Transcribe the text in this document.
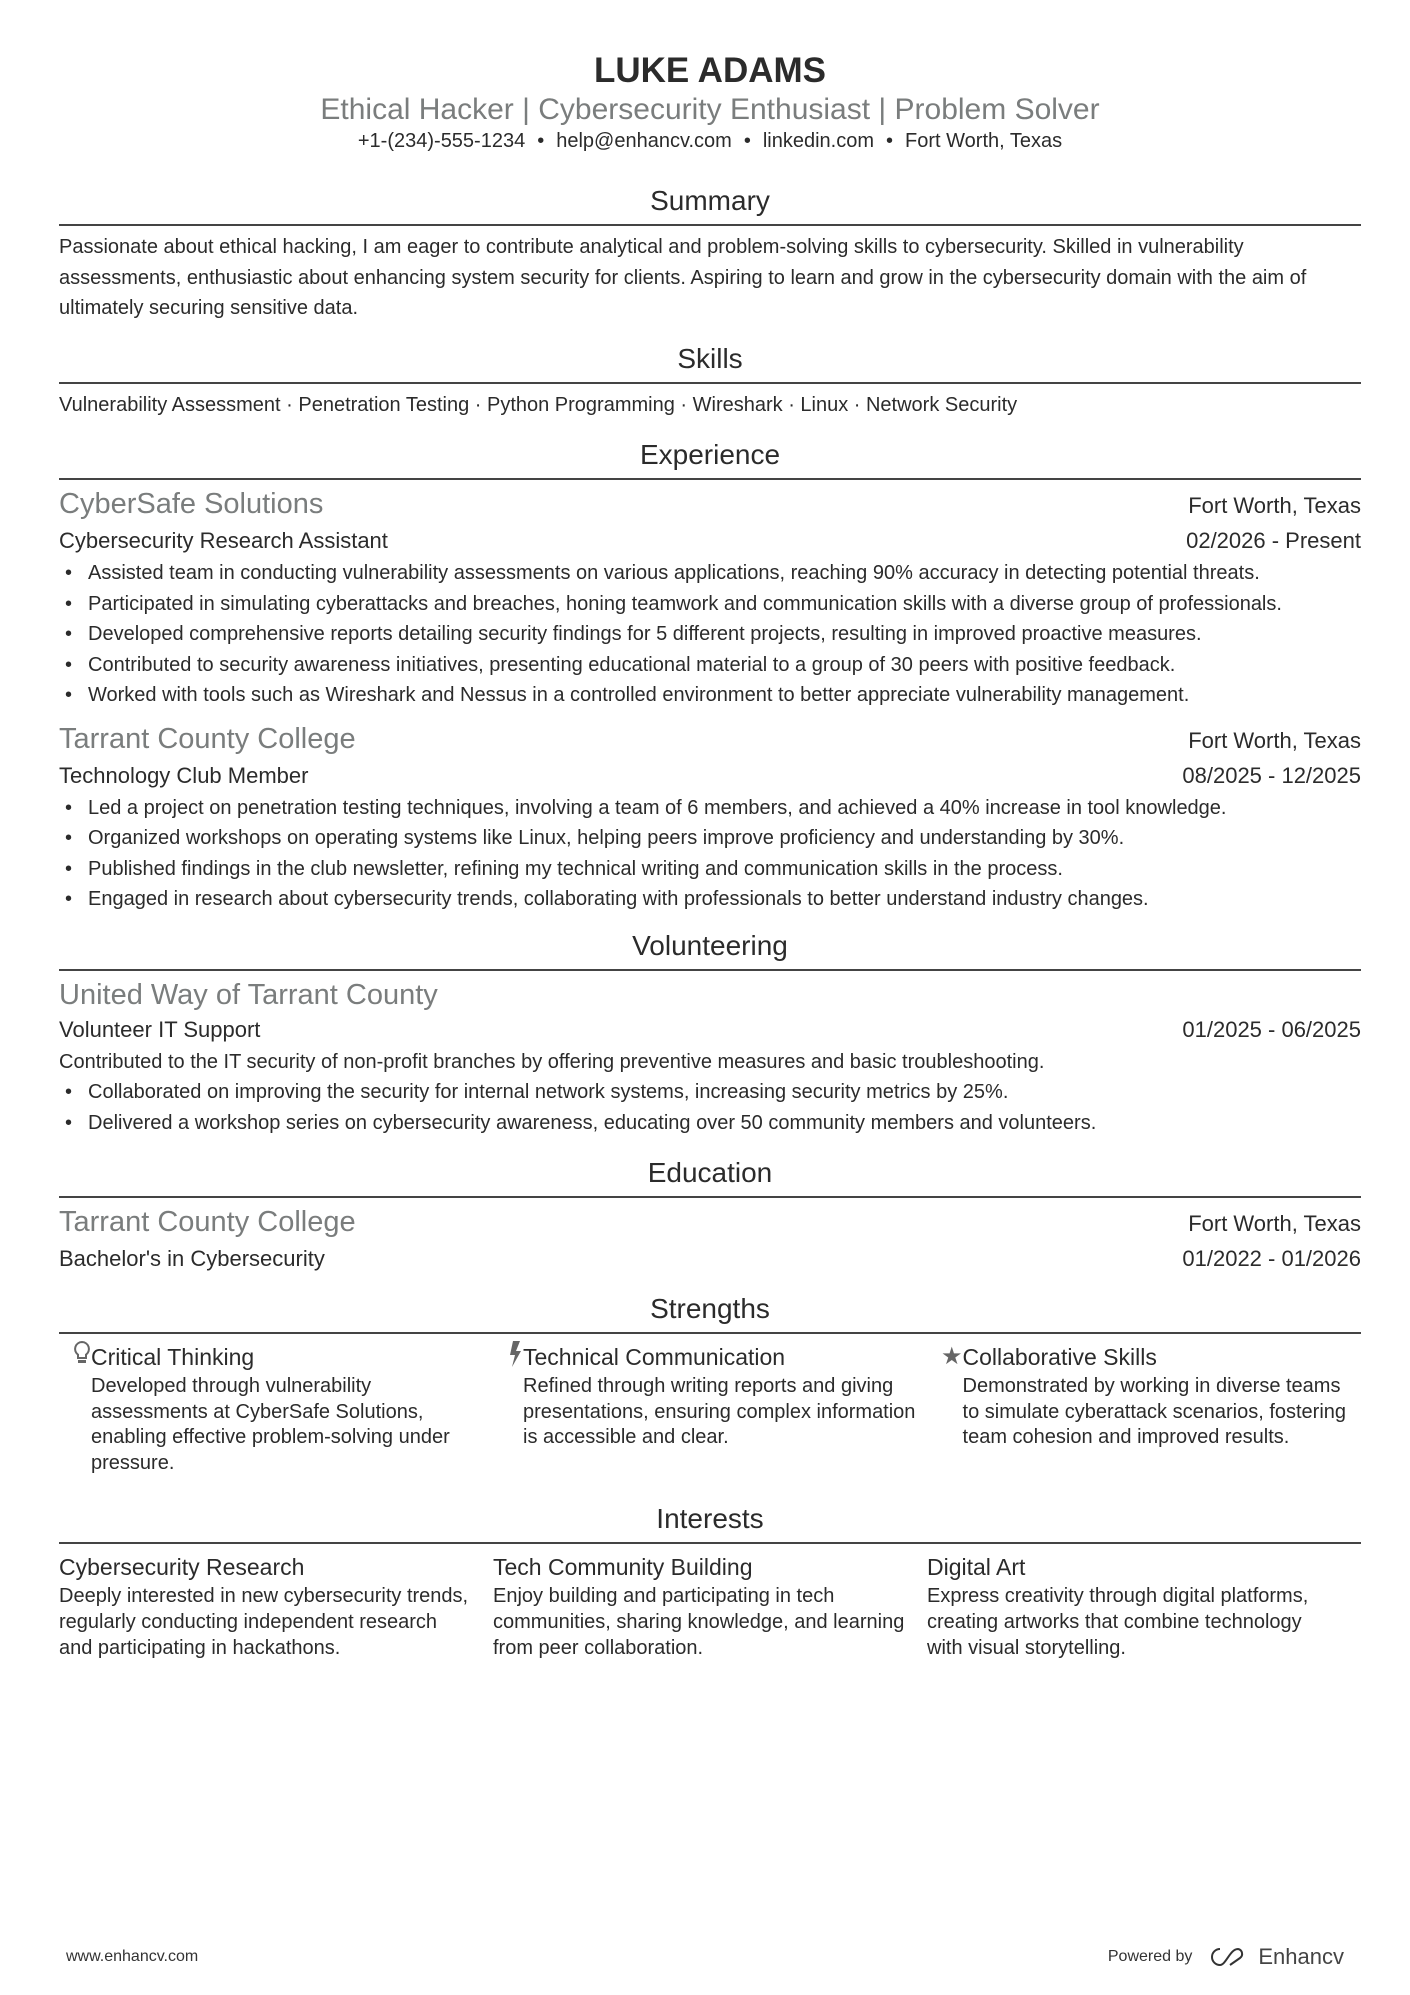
LUKE ADAMS
Ethical Hacker | Cybersecurity Enthusiast | Problem Solver
+1-(234)-555-1234 • help@enhancv.com • linkedin.com • Fort Worth, Texas
Summary
Passionate about ethical hacking, I am eager to contribute analytical and problem-solving skills to cybersecurity. Skilled in vulnerability assessments, enthusiastic about enhancing system security for clients. Aspiring to learn and grow in the cybersecurity domain with the aim of ultimately securing sensitive data.
Skills
Vulnerability Assessment · Penetration Testing · Python Programming · Wireshark · Linux · Network Security
Experience
CyberSafe Solutions	Fort Worth, Texas
Cybersecurity Research Assistant	02/2026 - Present
• Assisted team in conducting vulnerability assessments on various applications, reaching 90% accuracy in detecting potential threats.
• Participated in simulating cyberattacks and breaches, honing teamwork and communication skills with a diverse group of professionals.
• Developed comprehensive reports detailing security findings for 5 different projects, resulting in improved proactive measures.
• Contributed to security awareness initiatives, presenting educational material to a group of 30 peers with positive feedback.
• Worked with tools such as Wireshark and Nessus in a controlled environment to better appreciate vulnerability management.
Tarrant County College	Fort Worth, Texas
Technology Club Member	08/2025 - 12/2025
• Led a project on penetration testing techniques, involving a team of 6 members, and achieved a 40% increase in tool knowledge.
• Organized workshops on operating systems like Linux, helping peers improve proficiency and understanding by 30%.
• Published findings in the club newsletter, refining my technical writing and communication skills in the process.
• Engaged in research about cybersecurity trends, collaborating with professionals to better understand industry changes.
Volunteering
United Way of Tarrant County
Volunteer IT Support	01/2025 - 06/2025
Contributed to the IT security of non-profit branches by offering preventive measures and basic troubleshooting.
• Collaborated on improving the security for internal network systems, increasing security metrics by 25%.
• Delivered a workshop series on cybersecurity awareness, educating over 50 community members and volunteers.
Education
Tarrant County College	Fort Worth, Texas
Bachelor's in Cybersecurity	01/2022 - 01/2026
Strengths
Critical Thinking
Developed through vulnerability assessments at CyberSafe Solutions, enabling effective problem-solving under pressure.
Technical Communication
Refined through writing reports and giving presentations, ensuring complex information is accessible and clear.
★ Collaborative Skills
Demonstrated by working in diverse teams to simulate cyberattack scenarios, fostering team cohesion and improved results.
Interests
Cybersecurity Research
Deeply interested in new cybersecurity trends, regularly conducting independent research and participating in hackathons.
Tech Community Building
Enjoy building and participating in tech communities, sharing knowledge, and learning from peer collaboration.
Digital Art
Express creativity through digital platforms, creating artworks that combine technology with visual storytelling.
www.enhancv.com	Powered by	Enhancv
